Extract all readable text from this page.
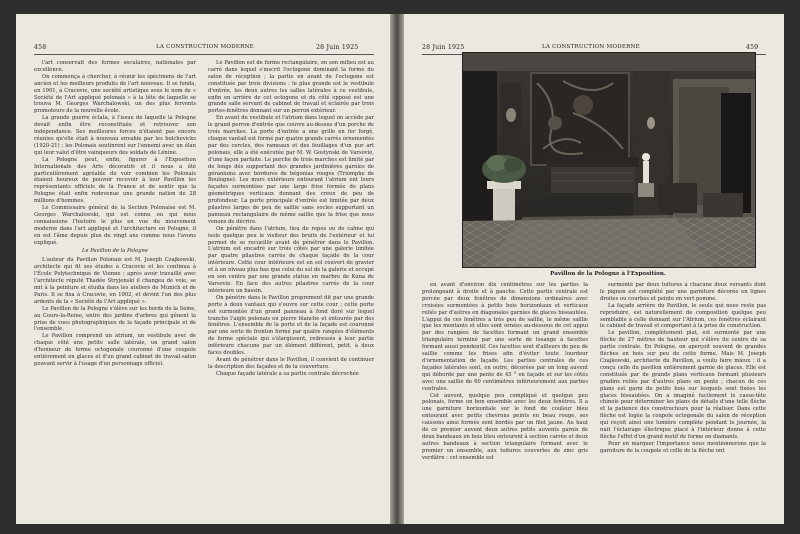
458	LA CONSTRUCTION MODERNE	28 Juin 1925

l'art conservait des formes séculaires, nationales par excellence.

On commença à chercher, à réunir les spécimens de l'art ancien et les meilleurs produits de l'art nouveau. Il se fonda, en 1901, à Cracovie, une société artistique sous le nom de « Société de l'Art appliqué polonais » à la tête de laquelle se trouva M. Georges Warchalowski, un des plus fervents promoteurs de la nouvelle école.

La grande guerre éclata, à l'issue de laquelle la Pologne devait enfin être reconstituée et retrouver son indépendance. Ses meilleures forces n'étaient pas encore réunies qu'elle était à nouveau envahie par les bolchevicks (1920-21) ; les Polonais soutinrent sur l'ennemi avec un élan qui leur valut d'être vainqueurs des soldats de Lénine.

La Pologne peut, enfin, figurer à l'Exposition Internationale des Arts décoratifs et il nous a été particulièrement agréable de voir combien les Polonais étaient heureux de pouvoir recevoir à leur Pavillon les représentants officiels de la France et de sentir que la Pologne était enfin redevenue une grande nation de 28 millions d'hommes.

Le Commissaire général de la Section Polonaise est M. Georges Warchalowski, qui est connu ou qui nous connaissions l'histoire le plus en vue du mouvement moderne dans l'art appliqué et l'architecture en Pologne, il en est l'âme depuis plus de vingt ans comme nous l'avons expliqué.

Le Pavillon de la Pologne

L'auteur du Pavillon Polonais est M. Joseph Czajkowski, architecte qui fit ses études à Cracovie et les continua à l'École Polytechnique de Vienne ; après avoir travaillé avec l'architecte réputé Thadée Stryjenski il changea de voie, se mit à la peinture et étudia dans les ateliers de Munich et de Paris. Il se fixa à Cracovie, en 1902, et devint l'un des plus ardents de la « Société de l'Art appliqué ».

Le Pavillon de la Pologne s'élève sur les bords de la Seine, au Cours-la-Reine, entre des jardins d'arbres qui gênent la prise de vues photographiques de la façade principale et de l'ensemble.

Le Pavillon comprend un atrium, un vestibule avec de chaque côté une petite salle latérale, un grand salon d'honneur de forme octogonale couronné d'une coupole entièrement en glaces et d'un grand cabinet de travail-salon pouvant servir à l'usage d'un personnage officiel.

Le Pavillon est de forme rectangulaire, en son milieu est au carré dans lequel s'inscrit l'octogone dominant la forme du salon de réception ; la partie en avant de l'octogone est constituée par trois divisions : le plus grande est le vestibule d'entrée, les deux autres les salles latérales à ce vestibule, enfin en arrière de cet octogone et du côté opposé est une grande salle servant de cabinet de travail et éclairée par trois portes-fenêtres donnant sur un perron extérieur.

En avant du vestibule et l'atrium dans lequel on accède par le grand perron d'entrée que couvre au-dessus d'un porche de trois marches. La porte d'entrée a une grille en fer forgé, chaque vantail est formé par quatre grands carrés ornementés par des cercles, des rameaux et des feuillages d'un pur art polonais, elle a été exécutée par M. W. Gostynski de Varsovie, d'une façon parfaite. Le porche de trois marches est limité par de longs dés supportant des grandes jardinières garnies de géraniums avec bordures de bégonias rouges (Triomphe de Boulogne). Les murs extérieurs entourant l'atrium ont leurs façades surmontées par une large frise formée de plans géométriques verticaux donnant des creux de peu de profondeur. La porte principale d'entrée est limitée par deux pilastres larges de peu de saillie sans socles supportant un panneau rectangulaire de même saillie que la frise que nous venons de décrire.

On pénètre dans l'atrium, lieu de repos ou de calme qui isole quelque peu le visiteur des bruits de l'extérieur et lui permet de se recueillir avant de pénétrer dans le Pavillon. L'atrium est encadré sur trois côtés par une galerie limitée par quatre pilastres carrés de chaque façade de la cour intérieure. Cette cour intérieure est en sol couvert de gravier et à un niveau plus bas que celui du sol de la galerie et occupé en son centre par une grande statue en marbre de Kuna de Varsovie. En face des autres pilastres carrés de la cour intérieure un bassin.

On pénètre dans le Pavillon proprement dit par une grande porte à deux vantaux qui s'ouvre sur cette cour ; cette porte est surmontée d'un grand panneau à fond doré sur lequel tranche l'aigle polonais en pierre blanche et entourée par des fenêtres. L'ensemble de la porte et de la façade est couronné par une sorte de fronton formé par quatre rangées d'éléments de forme spéciale qui s'élargissent, redressés à leur partie inférieure chacune par un élément différent, petit, à deux faces doubles.

Avant de pénétrer dans le Pavillon, il convient de continuer la description des façades et de la couverture.

Chaque façade latérale a sa partie centrale décrochée

28 Juin 1925	LA CONSTRUCTION MODERNE	459
Pavillon de la Pologne à l'Exposition.

en avant d'environ dix centimètres sur les parties la prolongeant à droite et à gauche. Cette partie centrale est percée par deux fenêtres de dimensions ordinaires avec croisées surmontées à petits bois horizontaux et verticaux reliés par d'autres en diagonales garnies de glaces biseautées. L'appui de ces fenêtres a très peu de saillie, le même saillie que les montants et elles sont ornées au-dessous de cet appui par des rangées de facettes formant un grand ensemble triangulaire terminé par une sorte de losange à facettes formant aussi pendentif. Ces facettes sont d'ailleurs de peu de saillie comme les frises afin d'éviter toute lourdeur d'ornementation de façade. Les parties centrales de ces façades latérales sont, en outre, décorées par un long auvent qui déborde par une pente de 45 ° en façade et sur les côtés avec une saillie de 60 centimètres inférieurement aux parties centrales.

Cet auvent, quelque peu compliqué et quelque peu polonais, forme un bon ensemble avec les deux fenêtres. Il a une garniture horizontale sur le fond de couleur bleu entourant avec petits chevrons peints en beau rouge, ses caissons ainsi formés sont bordés par un filet jaune. Au haut de ce premier auvent deux autres petits auvents garnis de deux bandeaux en bois bleu entourent à section carrée et deux autres bandeaux à section triangulaire formant avec le premier un ensemble, aux toitures couvertes de zinc gris verdâtre : cet ensemble est

surmonté par deux toitures à chacune deux versants dont le pignon est complété par une garniture décorée en lignes droites ou courbes et peinte en vert pomme.

La façade arrière du Pavillon, le seule qui nous reste pas reproduire, est naturellement de composition quelque peu semblable à celle donnant sur l'Atrium, ces fenêtres éclairant le cabinet de travail et comportant à la prise de construction.

Le pavillon, complètement plat, est surmonté par une flèche de 27 mètres de hauteur qui s'élève du centre de sa partie centrale. En Pologne, on aperçoit souvent de grandes flèches en bois sur peu de cette forme. Mais M. Joseph Czajkowski, architecte du Pavillon, a voulu faire mieux : il a conçu celle du pavillon entièrement garnie de glaces. Elle est constituée par de grands plans verticaux formant plusieurs gradins reliés par d'autres plans en pente ; chacun de ces plans est garni de petits bois sur lesquels sont fixées les glaces biseautées. On a imaginé facilement le casse-tête chinois pour déterminer les plans de détails d'une telle flèche et la patience des constructeurs pour la réaliser. Dans cette flèche est logée la coupole octogonale du salon de réception qui reçoit ainsi une lumière complète pendant le journée, la nuit l'éclairage électrique placé à l'intérieur donne à cette flèche l'effet d'un grand motif de forme en diamants.

Pour en marquer l'importance nous mentionnerons que la garniture de la coupole et celle de la flèche ont
